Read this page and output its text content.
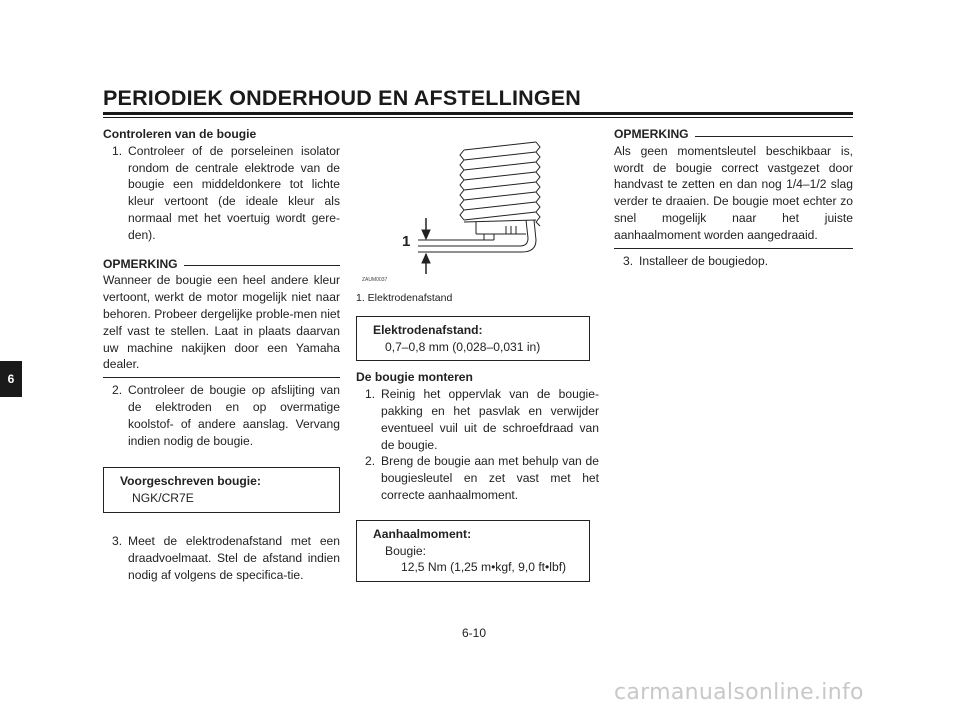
PERIODIEK ONDERHOUD EN AFSTELLINGEN
6

Controleren van de bougie

1. Controleer of de porseleinen isolator rondom de centrale elektrode van de bougie een middeldonkere tot lichte kleur vertoont (de ideale kleur als normaal met het voertuig wordt gere-den).
OPMERKING

Wanneer de bougie een heel andere kleur vertoont, werkt de motor mogelijk niet naar behoren. Probeer dergelijke proble-men niet zelf vast te stellen. Laat in plaats daarvan uw machine nakijken door een Yamaha dealer.

2. Controleer de bougie op afslijting van de elektroden en op overmatige koolstof- of andere aanslag. Vervang indien nodig de bougie.
Voorgeschreven bougie:
NGK/CR7E
3. Meet de elektrodenafstand met een draadvoelmaat. Stel de afstand indien nodig af volgens de specifica-tie.
1
ZAUM0037
1. Elektrodenafstand
Elektrodenafstand:
0,7–0,8 mm (0,028–0,031 in)

De bougie monteren

1. Reinig het oppervlak van de bougie-pakking en het pasvlak en verwijder eventueel vuil uit de schroefdraad van de bougie.
2. Breng de bougie aan met behulp van de bougiesleutel en zet vast met het correcte aanhaalmoment.
Aanhaalmoment:
Bougie:
12,5 Nm (1,25 m•kgf, 9,0 ft•lbf)
OPMERKING

Als geen momentsleutel beschikbaar is, wordt de bougie correct vastgezet door handvast te zetten en dan nog 1/4–1/2 slag verder te draaien. De bougie moet echter zo snel mogelijk naar het juiste aanhaalmoment worden aangedraaid.

3. Installeer de bougiedop.
6-10
carmanualsonline.info
